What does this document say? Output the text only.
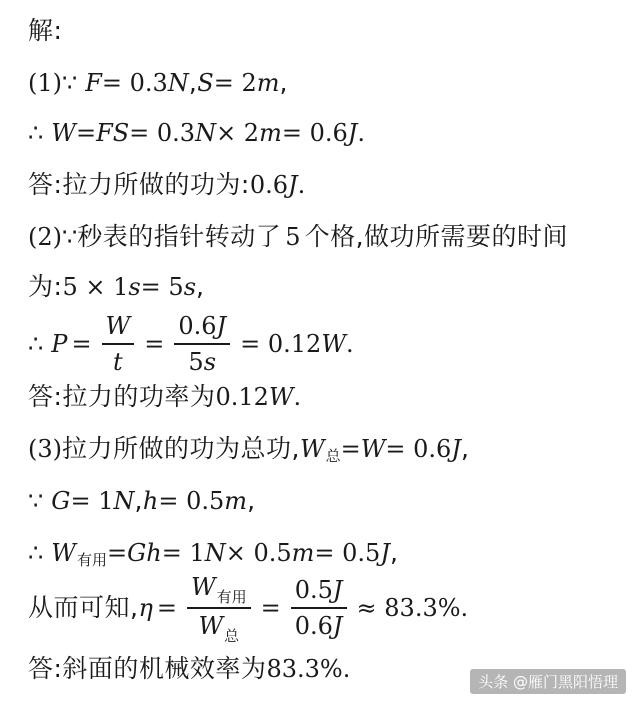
解:
(1)∵ F = 0.3 N , S = 2 m ,
∴ W = FS = 0.3 N × 2 m = 0.6 J .
答:拉力所做的功为: 0.6 J .
(2)∵ 秒表的指针转动了 5 个格,做功所需要的时间
为: 5 × 1 s = 5 s ,
∴ $P = \frac{W}{t} = \frac{0.6J}{5s} = 0.12$ W .
答:拉力的功率为 0.12 W .
(3) 拉力所做的功为总功, W 总 = W = 0.6 J ,
∵ G = 1 N , h = 0.5 m ,
∴ W 有用 = Gh = 1 N × 0.5 m = 0.5 J ,
从而可知, $\eta = \frac{W_{有用}}{W_总} = \frac{0.5J}{0.6J} \approx 83.3\%$ .
答:斜面的机械效率为 83.3% .	头条 @雁门黑阳悟理
